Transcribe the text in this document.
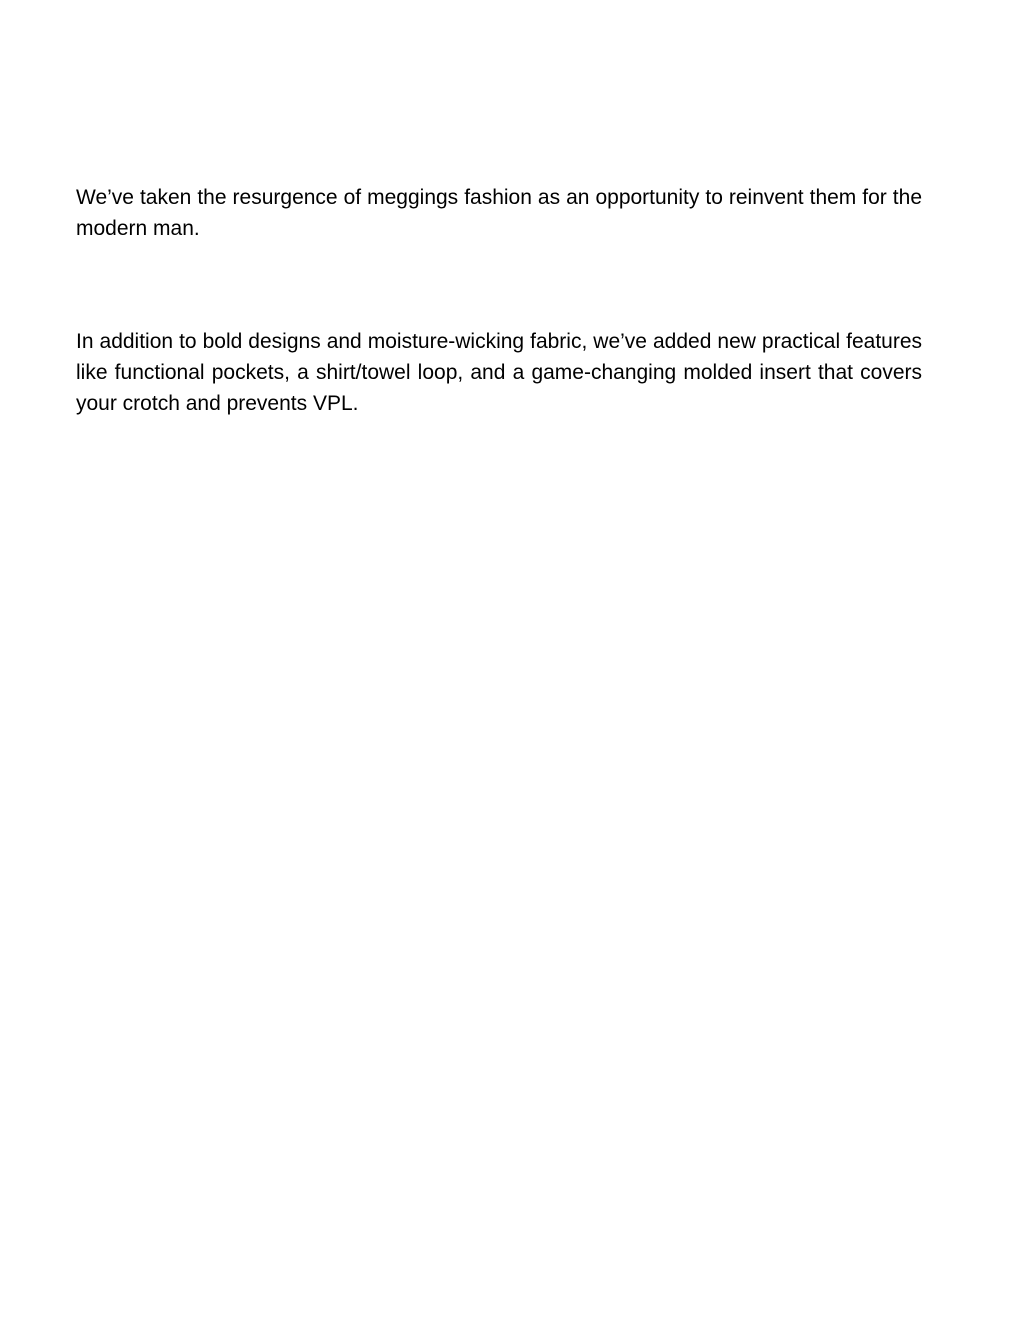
We’ve taken the resurgence of meggings fashion as an opportunity to reinvent them for the modern man.

In addition to bold designs and moisture-wicking fabric, we’ve added new practical features like functional pockets, a shirt/towel loop, and a game-changing molded insert that covers your crotch and prevents VPL.
